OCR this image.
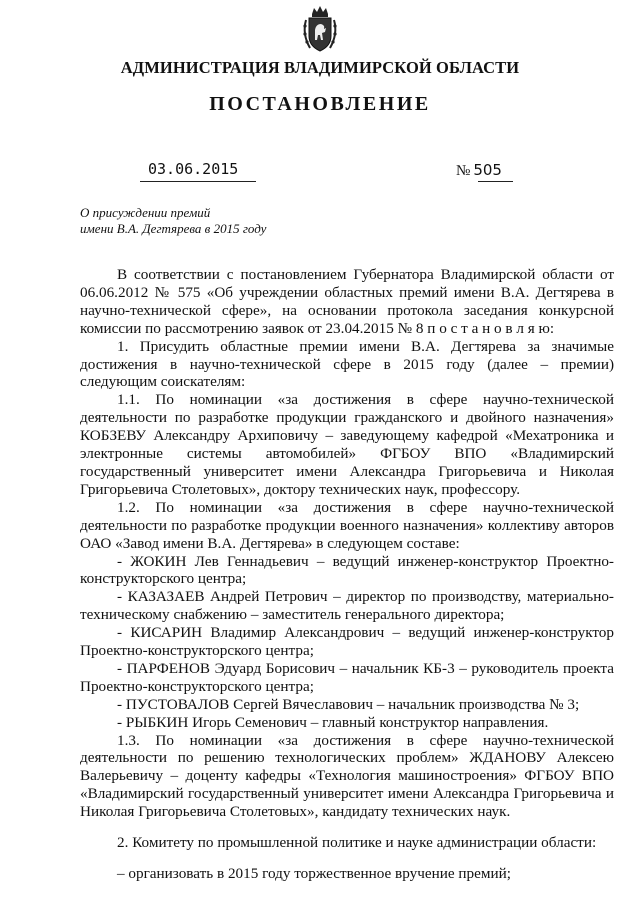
АДМИНИСТРАЦИЯ ВЛАДИМИРСКОЙ ОБЛАСТИ
ПОСТАНОВЛЕНИЕ
03.06.2015	№ 505
О присуждении премий
имени В.А. Дегтярева в 2015 году

В соответствии с постановлением Губернатора Владимирской области от 06.06.2012 № 575 «Об учреждении областных премий имени В.А. Дегтярева в научно-технической сфере», на основании протокола заседания конкурсной комиссии по рассмотрению заявок от 23.04.2015 № 8 п о с т а н о в л я ю:

1. Присудить областные премии имени В.А. Дегтярева за значимые достижения в научно-технической сфере в 2015 году (далее – премии) следующим соискателям:

1.1. По номинации «за достижения в сфере научно-технической деятельности по разработке продукции гражданского и двойного назначения» КОБЗЕВУ Александру Архиповичу – заведующему кафедрой «Мехатроника и электронные системы автомобилей» ФГБОУ ВПО «Владимирский государственный университет имени Александра Григорьевича и Николая Григорьевича Столетовых», доктору технических наук, профессору.

1.2. По номинации «за достижения в сфере научно-технической деятельности по разработке продукции военного назначения» коллективу авторов ОАО «Завод имени В.А. Дегтярева» в следующем составе:

- ЖОКИН Лев Геннадьевич – ведущий инженер-конструктор Проектно-конструкторского центра;

- КАЗАЗАЕВ Андрей Петрович – директор по производству, материально-техническому снабжению – заместитель генерального директора;

- КИСАРИН Владимир Александрович – ведущий инженер-конструктор Проектно-конструкторского центра;

- ПАРФЕНОВ Эдуард Борисович – начальник КБ-3 – руководитель проекта Проектно-конструкторского центра;

- ПУСТОВАЛОВ Сергей Вячеславович – начальник производства № 3;

- РЫБКИН Игорь Семенович – главный конструктор направления.

1.3. По номинации «за достижения в сфере научно-технической деятельности по решению технологических проблем» ЖДАНОВУ Алексею Валерьевичу – доценту кафедры «Технология машиностроения» ФГБОУ ВПО «Владимирский государственный университет имени Александра Григорьевича и Николая Григорьевича Столетовых», кандидату технических наук.

2. Комитету по промышленной политике и науке администрации области:

– организовать в 2015 году торжественное вручение премий;
